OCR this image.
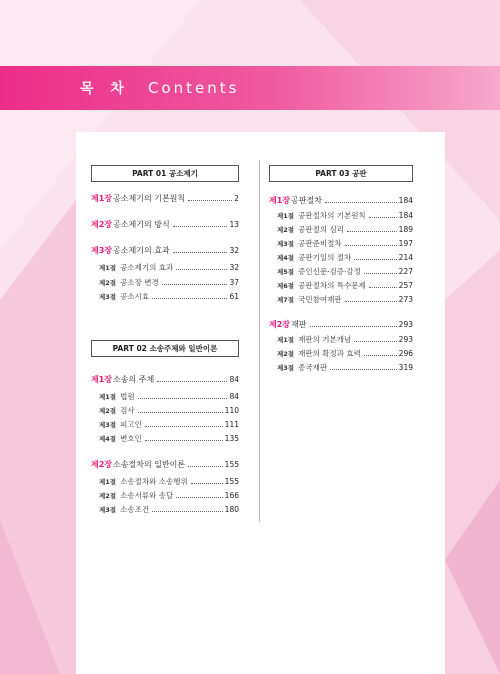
목 차 Contents
PART 01 공소제기
제1장 공소제기의 기본원칙	2
제2장 공소제기의 방식	13
제3장 공소제기의 효과	32
제1절 공소제기의 효과	32
제2절 공소장 변경	37
제3절 공소시효	61
PART 02 소송주체와 일반이론
제1장 소송의 주체	84
제1절 법원	84
제2절 검사	110
제3절 피고인	111
제4절 변호인	135
제2장 소송절차의 일반이론	155
제1절 소송절차와 소송행위	155
제2절 소송서류와 송달	166
제3절 소송조건	180
PART 03 공판
제1장 공판절차	184
제1절 공판절차의 기본원칙	184
제2절 공판절의 심리	189
제3절 공판준비절차	197
제4절 공판기일의 절차	214
제5절 증인신문·검증·감정	227
제6절 공판절차의 특수문제	257
제7절 국민참여재판	273
제2장 재판	293
제1절 재판의 기본개념	293
제2절 재판의 확정과 효력	296
제3절 종국재판	319
